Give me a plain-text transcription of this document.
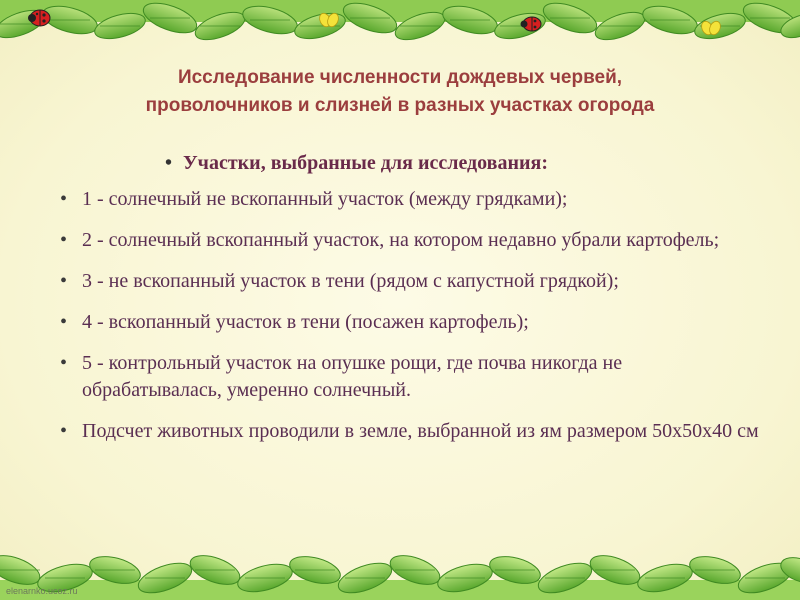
Исследование численности дождевых червей,
проволочников и слизней в разных участках огорода
• Участки, выбранные для исследования:
• 1 - солнечный не вскопанный участок (между грядками);
• 2 - солнечный вскопанный участок, на котором недавно убрали картофель;
• 3 - не вскопанный участок в тени (рядом с капустной грядкой);
• 4 - вскопанный участок в тени (посажен картофель);
• 5 - контрольный участок на опушке рощи, где почва никогда не обрабатывалась, умеренно солнечный.
• Подсчет животных проводили в земле, выбранной из ям размером 50x50x40 см
elenarnko.ucoz.ru
